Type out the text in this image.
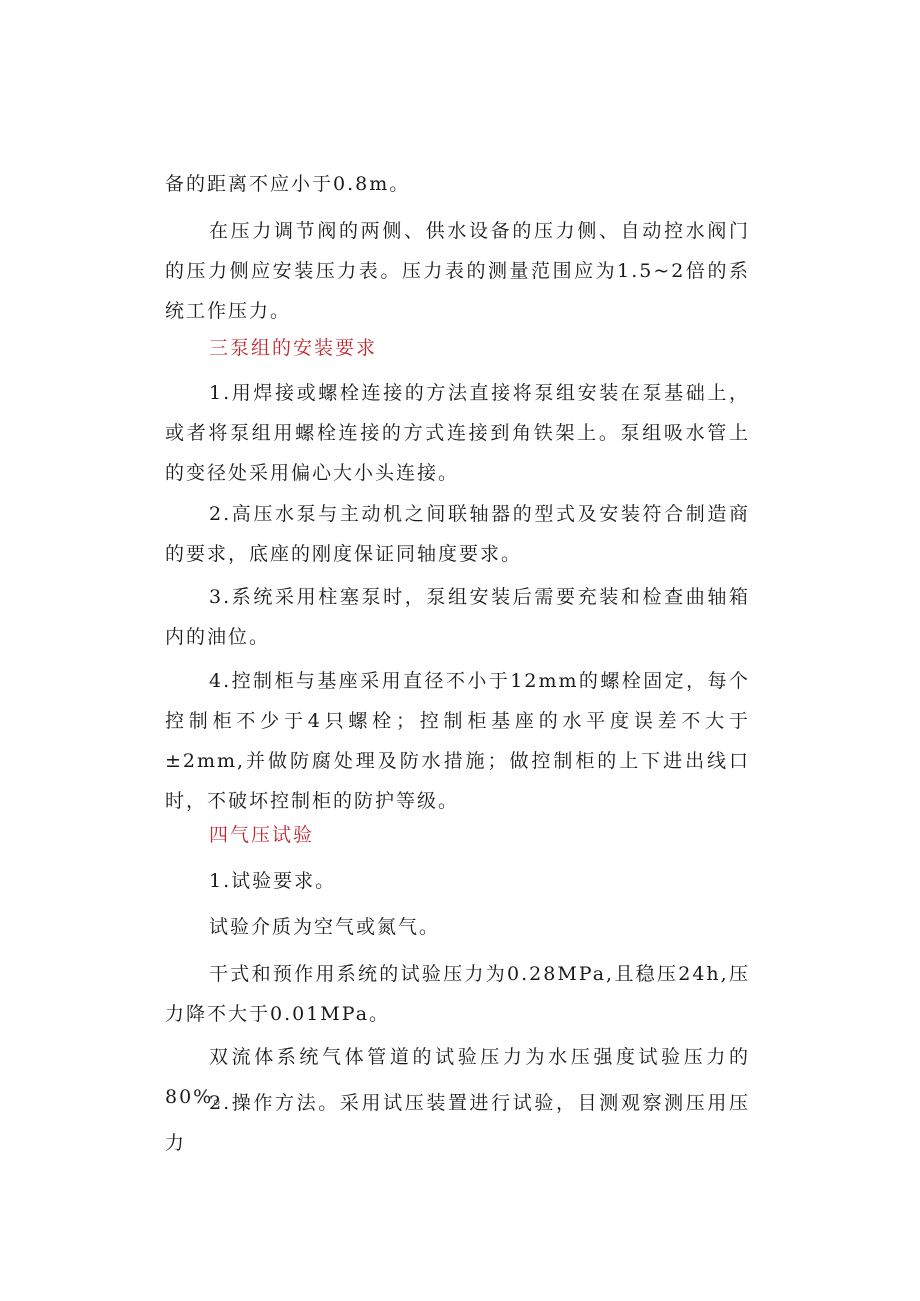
备的距离不应小于0.8m。

在压力调节阀的两侧、供水设备的压力侧、自动控水阀门的压力侧应安装压力表。压力表的测量范围应为1.5~2倍的系统工作压力。

三泵组的安装要求

1.用焊接或螺栓连接的方法直接将泵组安装在泵基础上，或者将泵组用螺栓连接的方式连接到角铁架上。泵组吸水管上的变径处采用偏心大小头连接。

2.高压水泵与主动机之间联轴器的型式及安装符合制造商的要求，底座的刚度保证同轴度要求。

3.系统采用柱塞泵时，泵组安装后需要充装和检查曲轴箱内的油位。

4.控制柜与基座采用直径不小于12mm的螺栓固定，每个控制柜不少于4只螺栓；控制柜基座的水平度误差不大于±2mm,并做防腐处理及防水措施；做控制柜的上下进出线口时，不破坏控制柜的防护等级。

四气压试验

1.试验要求。

试验介质为空气或氮气。

干式和预作用系统的试验压力为0.28MPa,且稳压24h,压力降不大于0.01MPa。

双流体系统气体管道的试验压力为水压强度试验压力的80%。

2.操作方法。采用试压装置进行试验，目测观察测压用压力
